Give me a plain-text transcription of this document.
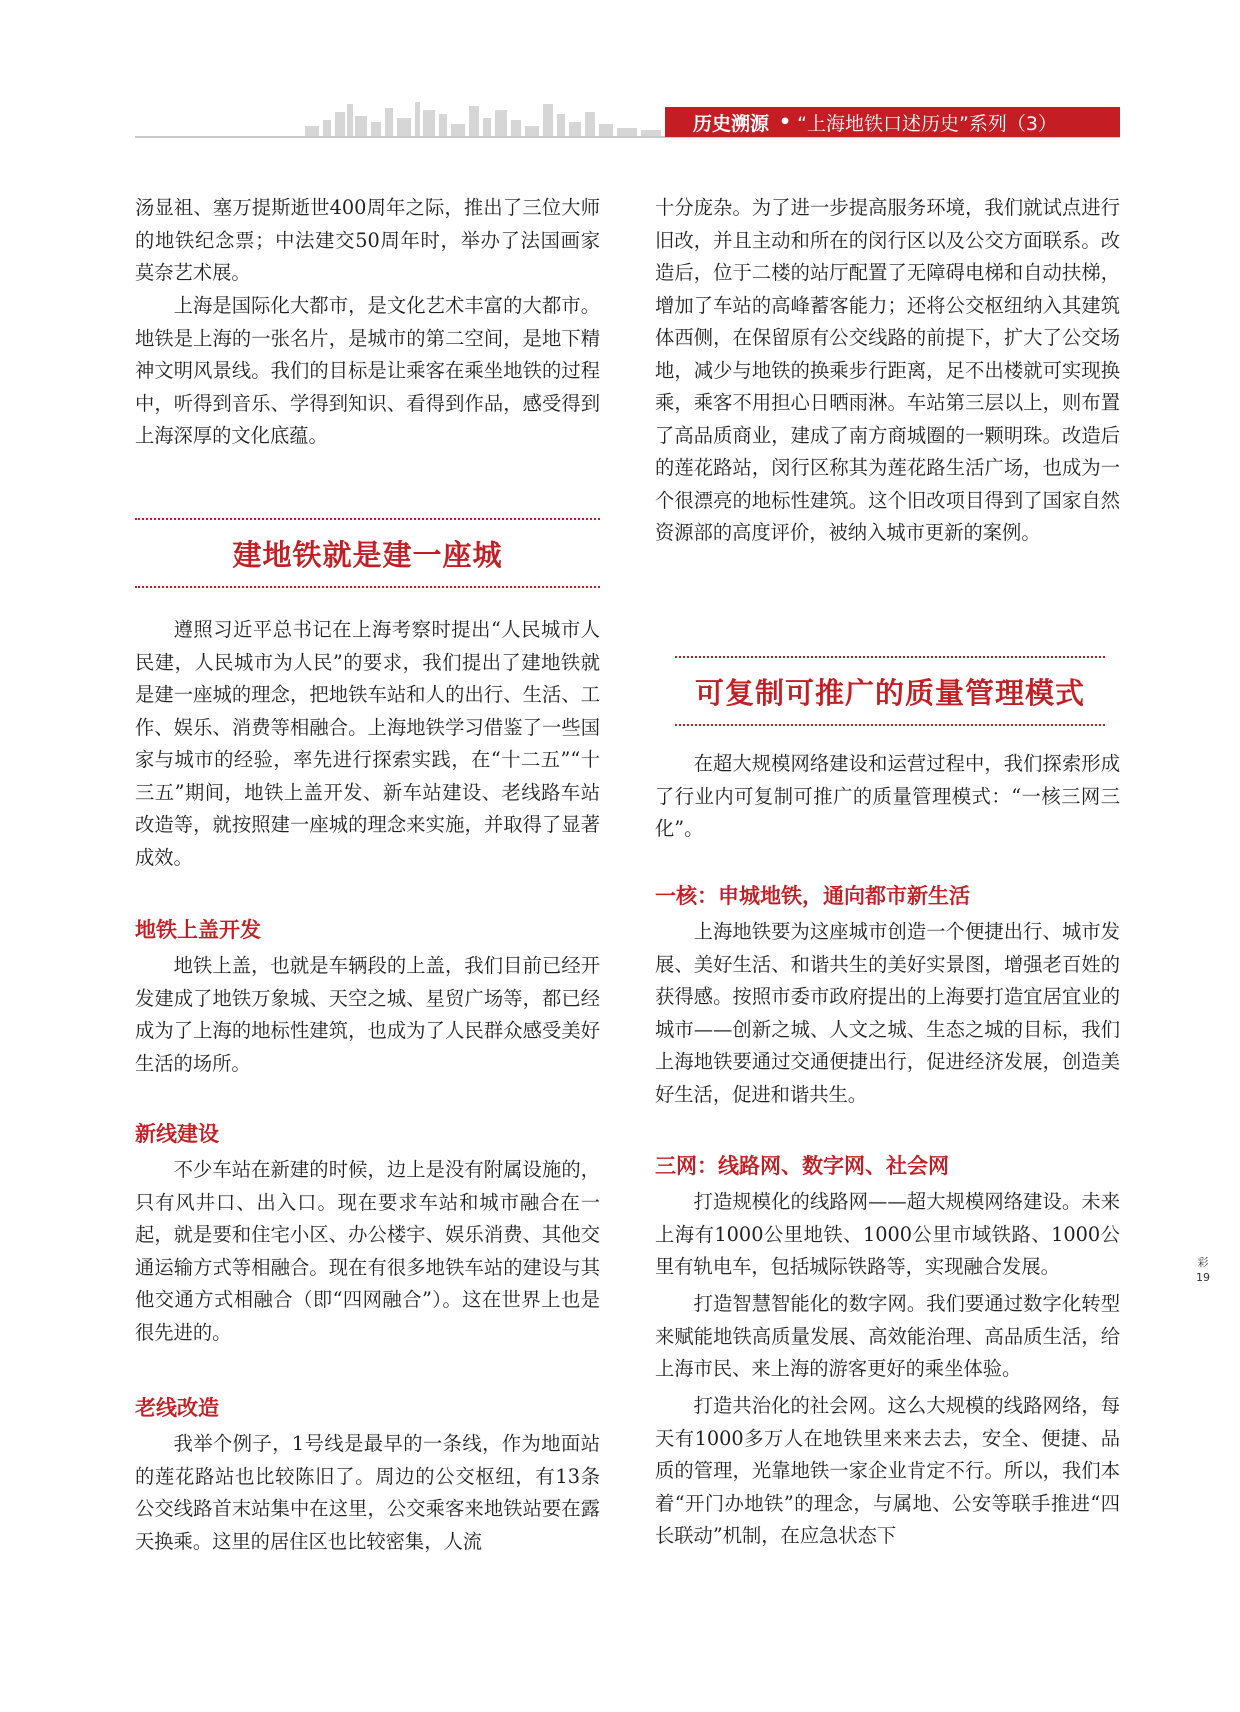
历史溯源 • “上海地铁口述历史”系列（3）

汤显祖、塞万提斯逝世400周年之际，推出了三位大师的地铁纪念票；中法建交50周年时，举办了法国画家莫奈艺术展。

上海是国际化大都市，是文化艺术丰富的大都市。地铁是上海的一张名片，是城市的第二空间，是地下精神文明风景线。我们的目标是让乘客在乘坐地铁的过程中，听得到音乐、学得到知识、看得到作品，感受得到上海深厚的文化底蕴。

建地铁就是建一座城

遵照习近平总书记在上海考察时提出“人民城市人民建，人民城市为人民”的要求，我们提出了建地铁就是建一座城的理念，把地铁车站和人的出行、生活、工作、娱乐、消费等相融合。上海地铁学习借鉴了一些国家与城市的经验，率先进行探索实践，在“十二五”“十三五”期间，地铁上盖开发、新车站建设、老线路车站改造等，就按照建一座城的理念来实施，并取得了显著成效。

地铁上盖开发

地铁上盖，也就是车辆段的上盖，我们目前已经开发建成了地铁万象城、天空之城、星贸广场等，都已经成为了上海的地标性建筑，也成为了人民群众感受美好生活的场所。

新线建设

不少车站在新建的时候，边上是没有附属设施的，只有风井口、出入口。现在要求车站和城市融合在一起，就是要和住宅小区、办公楼宇、娱乐消费、其他交通运输方式等相融合。现在有很多地铁车站的建设与其他交通方式相融合（即“四网融合”）。这在世界上也是很先进的。

老线改造

我举个例子，1号线是最早的一条线，作为地面站的莲花路站也比较陈旧了。周边的公交枢纽，有13条公交线路首末站集中在这里，公交乘客来地铁站要在露天换乘。这里的居住区也比较密集，人流

十分庞杂。为了进一步提高服务环境，我们就试点进行旧改，并且主动和所在的闵行区以及公交方面联系。改造后，位于二楼的站厅配置了无障碍电梯和自动扶梯，增加了车站的高峰蓄客能力；还将公交枢纽纳入其建筑体西侧，在保留原有公交线路的前提下，扩大了公交场地，减少与地铁的换乘步行距离，足不出楼就可实现换乘，乘客不用担心日晒雨淋。车站第三层以上，则布置了高品质商业，建成了南方商城圈的一颗明珠。改造后的莲花路站，闵行区称其为莲花路生活广场，也成为一个很漂亮的地标性建筑。这个旧改项目得到了国家自然资源部的高度评价，被纳入城市更新的案例。

可复制可推广的质量管理模式

在超大规模网络建设和运营过程中，我们探索形成了行业内可复制可推广的质量管理模式：“一核三网三化”。

一核：申城地铁，通向都市新生活

上海地铁要为这座城市创造一个便捷出行、城市发展、美好生活、和谐共生的美好实景图，增强老百姓的获得感。按照市委市政府提出的上海要打造宜居宜业的城市——创新之城、人文之城、生态之城的目标，我们上海地铁要通过交通便捷出行，促进经济发展，创造美好生活，促进和谐共生。

三网：线路网、数字网、社会网

打造规模化的线路网——超大规模网络建设。未来上海有1000公里地铁、1000公里市域铁路、1000公里有轨电车，包括城际铁路等，实现融合发展。

打造智慧智能化的数字网。我们要通过数字化转型来赋能地铁高质量发展、高效能治理、高品质生活，给上海市民、来上海的游客更好的乘坐体验。

打造共治化的社会网。这么大规模的线路网络，每天有1000多万人在地铁里来来去去，安全、便捷、品质的管理，光靠地铁一家企业肯定不行。所以，我们本着“开门办地铁”的理念，与属地、公安等联手推进“四长联动”机制，在应急状态下

彩
19
